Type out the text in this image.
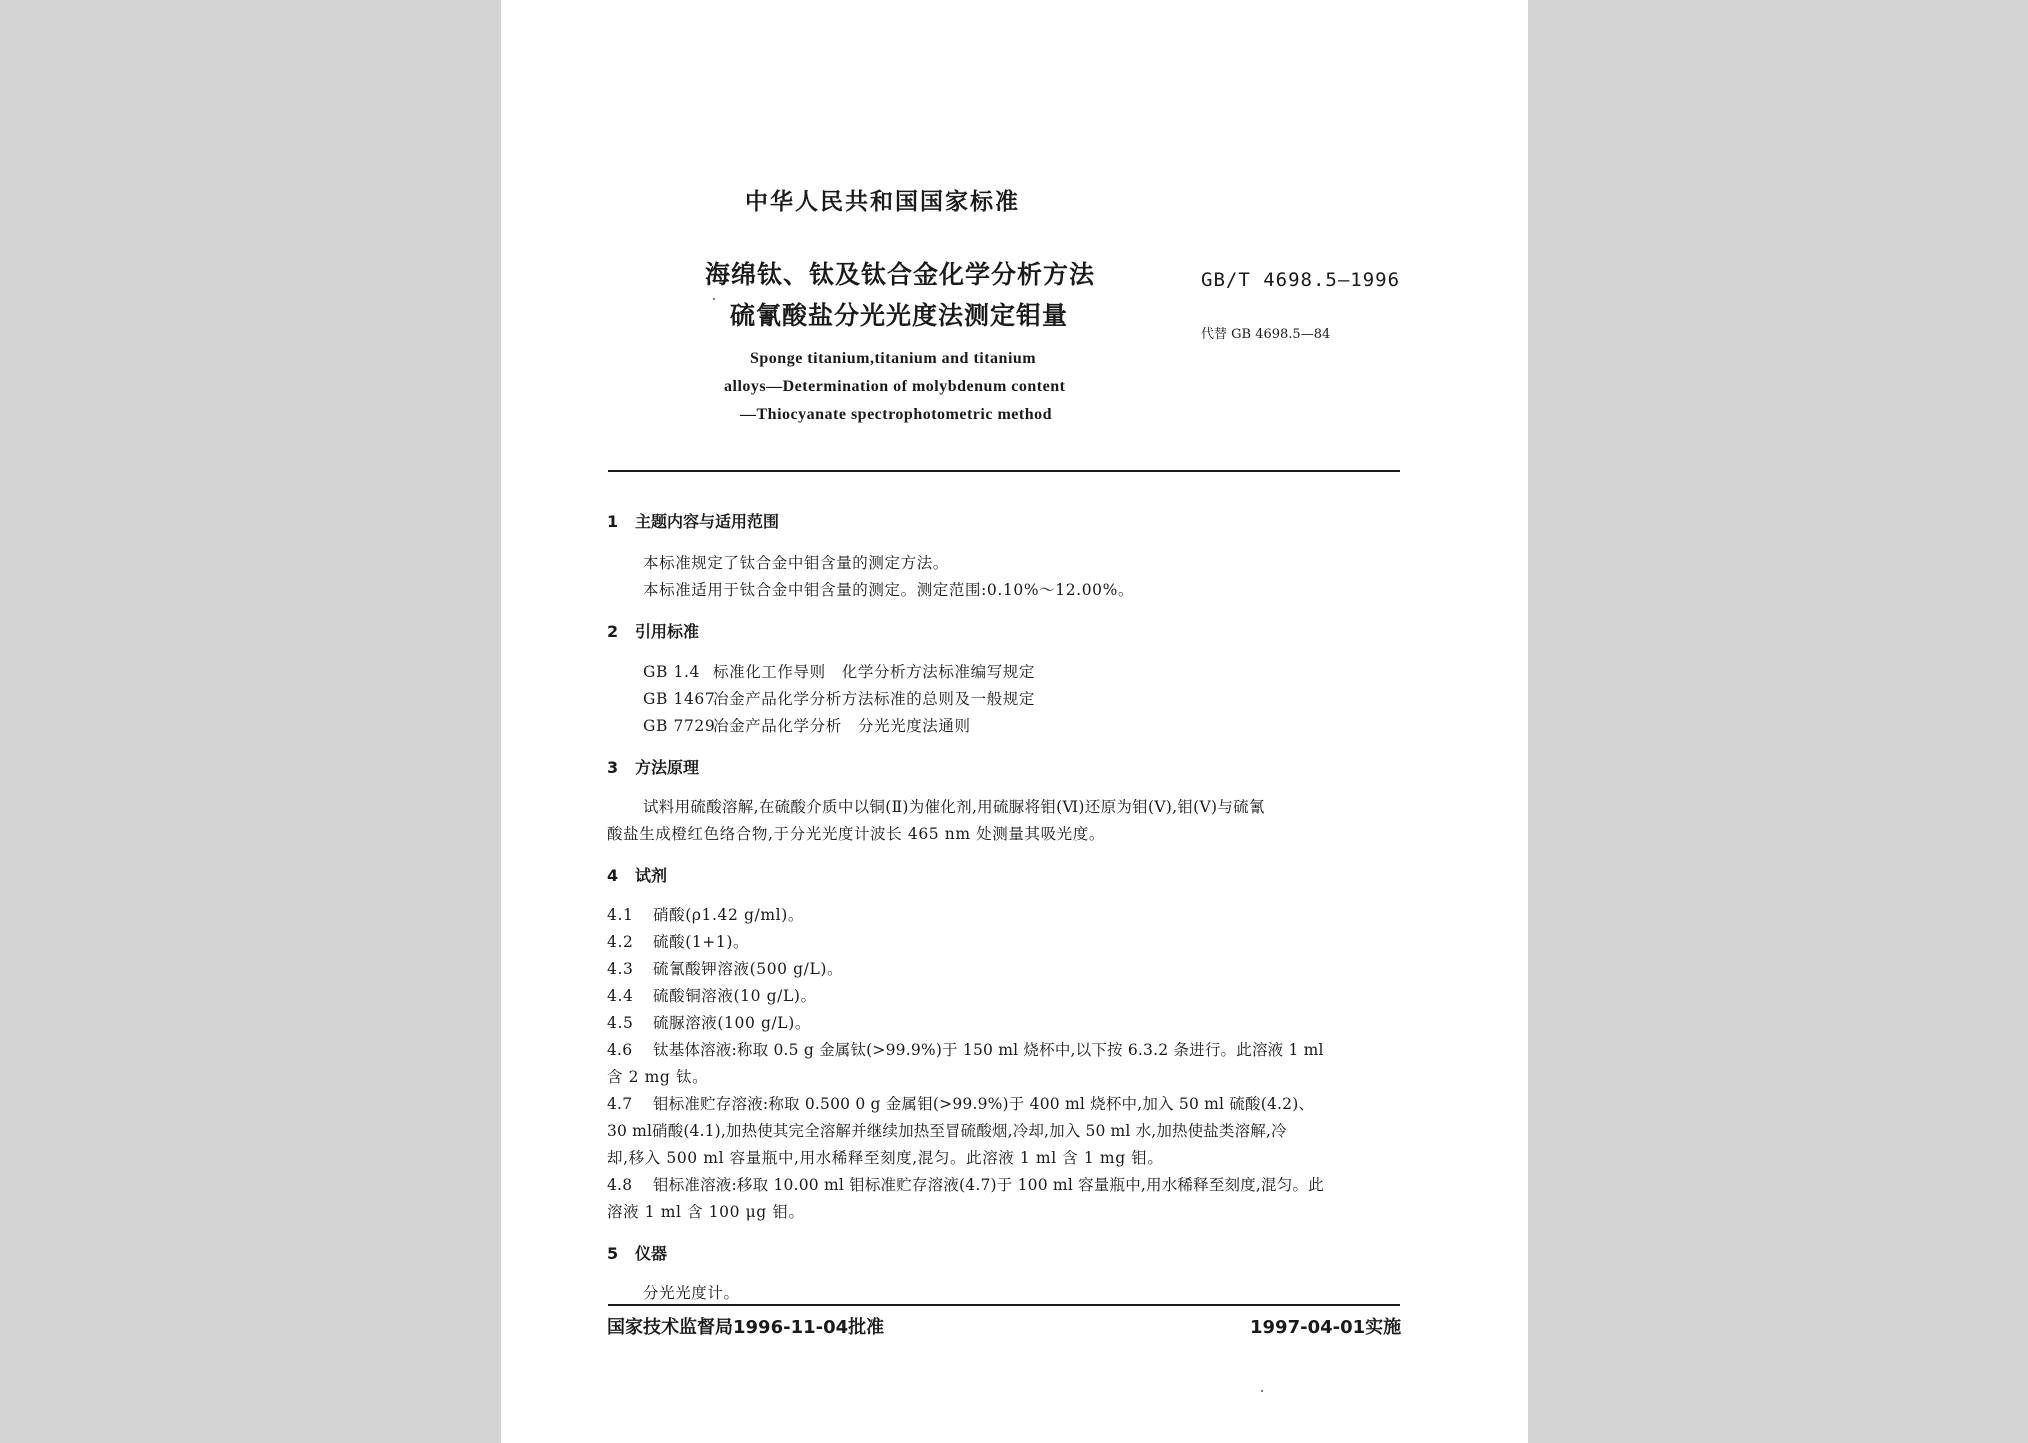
中华人民共和国国家标准
海绵钛、钛及钛合金化学分析方法
硫氰酸盐分光光度法测定钼量
GB/T 4698.5—1996
代替 GB 4698.5—84
Sponge titanium,titanium and titanium
alloys—Determination of molybdenum content
—Thiocyanate spectrophotometric method
1 主题内容与适用范围
本标准规定了钛合金中钼含量的测定方法。
本标准适用于钛合金中钼含量的测定。测定范围:0.10%～12.00%。
2 引用标准
GB 1.4 标准化工作导则　化学分析方法标准编写规定
GB 1467冶金产品化学分析方法标准的总则及一般规定
GB 7729冶金产品化学分析　分光光度法通则
3 方法原理
试料用硫酸溶解,在硫酸介质中以铜(Ⅱ)为催化剂,用硫脲将钼(Ⅵ)还原为钼(Ⅴ),钼(Ⅴ)与硫氰
酸盐生成橙红色络合物,于分光光度计波长 465 nm 处测量其吸光度。
4 试剂
4.1 硝酸(ρ1.42 g/ml)。
4.2 硫酸(1+1)。
4.3 硫氰酸钾溶液(500 g/L)。
4.4 硫酸铜溶液(10 g/L)。
4.5 硫脲溶液(100 g/L)。
4.6 钛基体溶液:称取 0.5 g 金属钛(>99.9%)于 150 ml 烧杯中,以下按 6.3.2 条进行。此溶液 1 ml
含 2 mg 钛。
4.7 钼标准贮存溶液:称取 0.500 0 g 金属钼(>99.9%)于 400 ml 烧杯中,加入 50 ml 硫酸(4.2)、
30 ml硝酸(4.1),加热使其完全溶解并继续加热至冒硫酸烟,冷却,加入 50 ml 水,加热使盐类溶解,冷
却,移入 500 ml 容量瓶中,用水稀释至刻度,混匀。此溶液 1 ml 含 1 mg 钼。
4.8 钼标准溶液:移取 10.00 ml 钼标准贮存溶液(4.7)于 100 ml 容量瓶中,用水稀释至刻度,混匀。此
溶液 1 ml 含 100 μg 钼。
5 仪器
分光光度计。
国家技术监督局1996-11-04批准	1997-04-01实施
